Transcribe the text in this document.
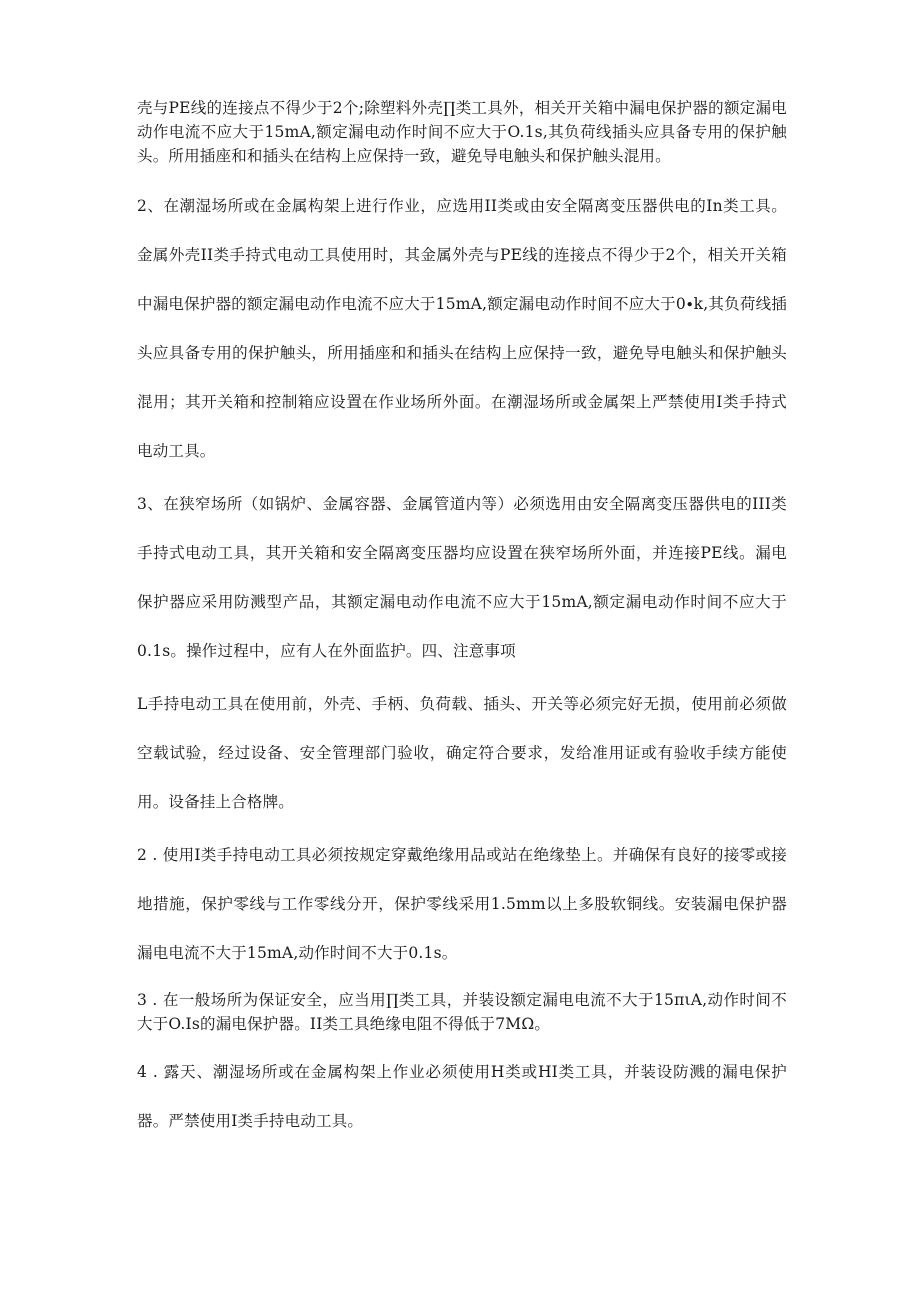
壳与PE线的连接点不得少于2个;除塑料外壳∏类工具外，相关开关箱中漏电保护器的额定漏电动作电流不应大于15mA,额定漏电动作时间不应大于O.1s,其负荷线插头应具备专用的保护触头。所用插座和和插头在结构上应保持一致，避免导电触头和保护触头混用。

2、在潮湿场所或在金属构架上进行作业，应选用II类或由安全隔离变压器供电的In类工具。金属外壳II类手持式电动工具使用时，其金属外壳与PE线的连接点不得少于2个，相关开关箱中漏电保护器的额定漏电动作电流不应大于15mA,额定漏电动作时间不应大于0∙k,其负荷线插头应具备专用的保护触头，所用插座和和插头在结构上应保持一致，避免导电触头和保护触头混用；其开关箱和控制箱应设置在作业场所外面。在潮湿场所或金属架上严禁使用I类手持式电动工具。

3、在狭窄场所（如锅炉、金属容器、金属管道内等）必须选用由安全隔离变压器供电的III类手持式电动工具，其开关箱和安全隔离变压器均应设置在狭窄场所外面，并连接PE线。漏电保护器应采用防溅型产品，其额定漏电动作电流不应大于15mA,额定漏电动作时间不应大于0.1s。操作过程中，应有人在外面监护。四、注意事项

L手持电动工具在使用前，外壳、手柄、负荷载、插头、开关等必须完好无损，使用前必须做空载试验，经过设备、安全管理部门验收，确定符合要求，发给准用证或有验收手续方能使用。设备挂上合格牌。

2 . 使用I类手持电动工具必须按规定穿戴绝缘用品或站在绝缘垫上。并确保有良好的接零或接地措施，保护零线与工作零线分开，保护零线采用1.5mm以上多股软铜线。安装漏电保护器漏电电流不大于15mA,动作时间不大于0.1s。

3 . 在一般场所为保证安全，应当用∏类工具，并装设额定漏电电流不大于15πιA,动作时间不大于O.Is的漏电保护器。II类工具绝缘电阻不得低于7MΩ。

4 . 露天、潮湿场所或在金属构架上作业必须使用H类或HI类工具，并装设防溅的漏电保护器。严禁使用I类手持电动工具。
